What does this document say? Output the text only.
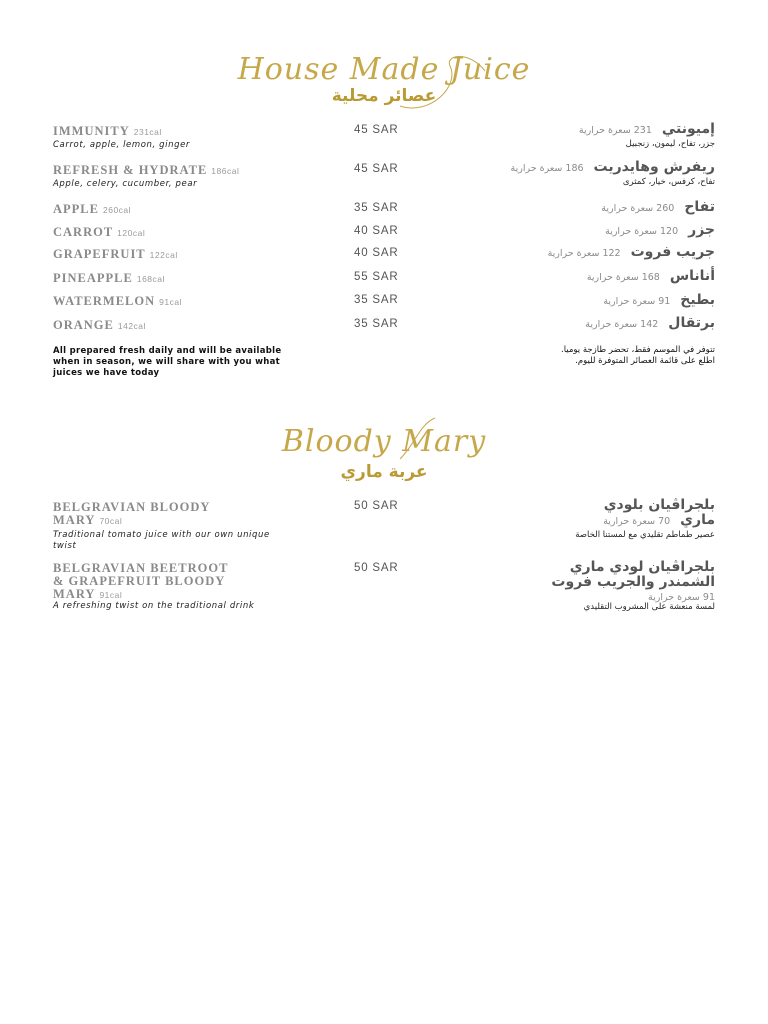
House Made Juice
عصائر محلية
IMMUNITY 231cal
Carrot, apple, lemon, ginger
45 SAR	إميونتي231 سعرة حرارية
جزر، تفاح، ليمون، زنجبيل
REFRESH & HYDRATE 186cal
Apple, celery, cucumber, pear
45 SAR	ريفرش وهايدريت186 سعرة حرارية
تفاح، كرفس، خيار، كمثرى
APPLE 260cal	35 SAR	تفاح260 سعرة حرارية
CARROT 120cal	40 SAR	جزر120 سعرة حرارية
GRAPEFRUIT 122cal	40 SAR	جريب فروت122 سعرة حرارية
PINEAPPLE 168cal	55 SAR	أناناس168 سعرة حرارية
WATERMELON 91cal	35 SAR	بطيخ91 سعرة حرارية
ORANGE 142cal	35 SAR	برتقال142 سعرة حرارية
All prepared fresh daily and will be available when in season, we will share with you what juices we have today
تتوفر في الموسم فقط، تحضر طازجة يوميا.
اطلع على قائمة العصائر المتوفرة لليوم.
Bloody Mary
عربة ماري
BELGRAVIAN BLOODY
MARY 70cal
Traditional tomato juice with our own unique twist
50 SAR	بلجراڤيان بلودي
ماري70 سعرة حرارية
عصير طماطم تقليدي مع لمستنا الخاصة
BELGRAVIAN BEETROOT
& GRAPEFRUIT BLOODY
MARY 91cal
A refreshing twist on the traditional drink
50 SAR	بلجراڤيان لودي ماري
الشمندر والجريب فروت
91 سعرة حرارية
لمسة منعشة على المشروب التقليدي
